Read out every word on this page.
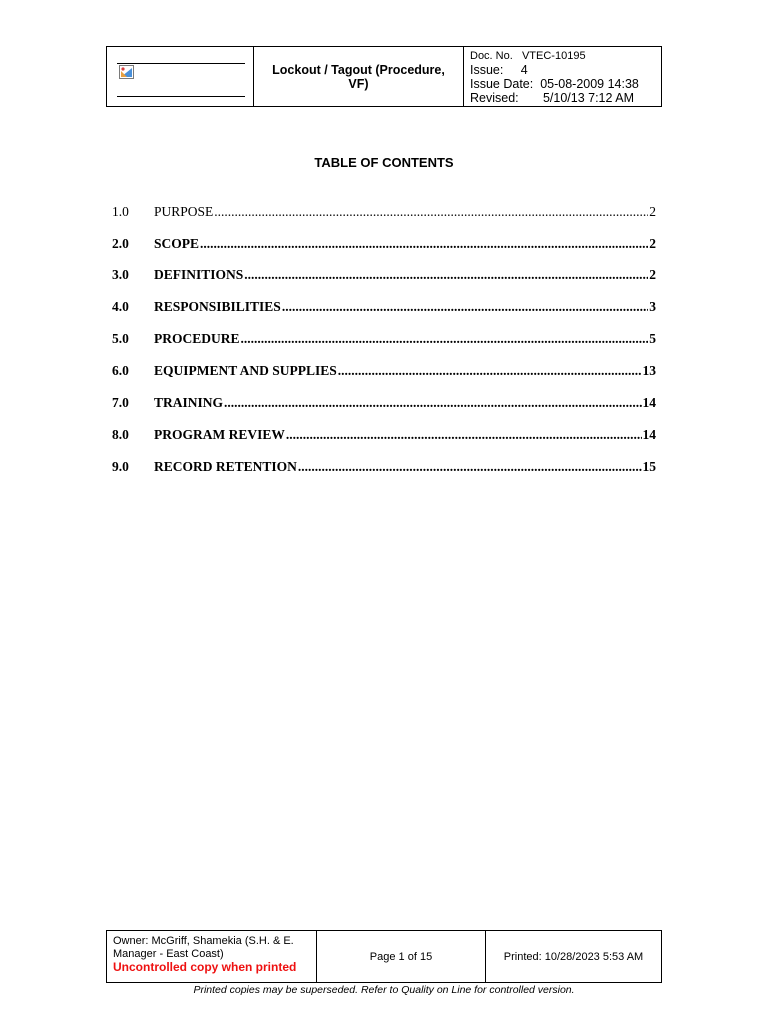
Lockout / Tagout (Procedure, VF)
Doc. No. VTEC-10195
Issue: 4
Issue Date: 05-08-2009 14:38
Revised: 5/10/13 7:12 AM
TABLE OF CONTENTS
1.0	PURPOSE .....	2
2.0	SCOPE .....	2
3.0	DEFINITIONS .....	2
4.0	RESPONSIBILITIES .....	3
5.0	PROCEDURE .....	5
6.0	EQUIPMENT AND SUPPLIES .....	13
7.0	TRAINING .....	14
8.0	PROGRAM REVIEW .....	14
9.0	RECORD RETENTION .....	15
Owner: McGriff, Shamekia (S.H. & E.
Manager - East Coast)
Uncontrolled copy when printed
Page 1 of 15	Printed: 10/28/2023 5:53 AM
Printed copies may be superseded. Refer to Quality on Line for controlled version.
